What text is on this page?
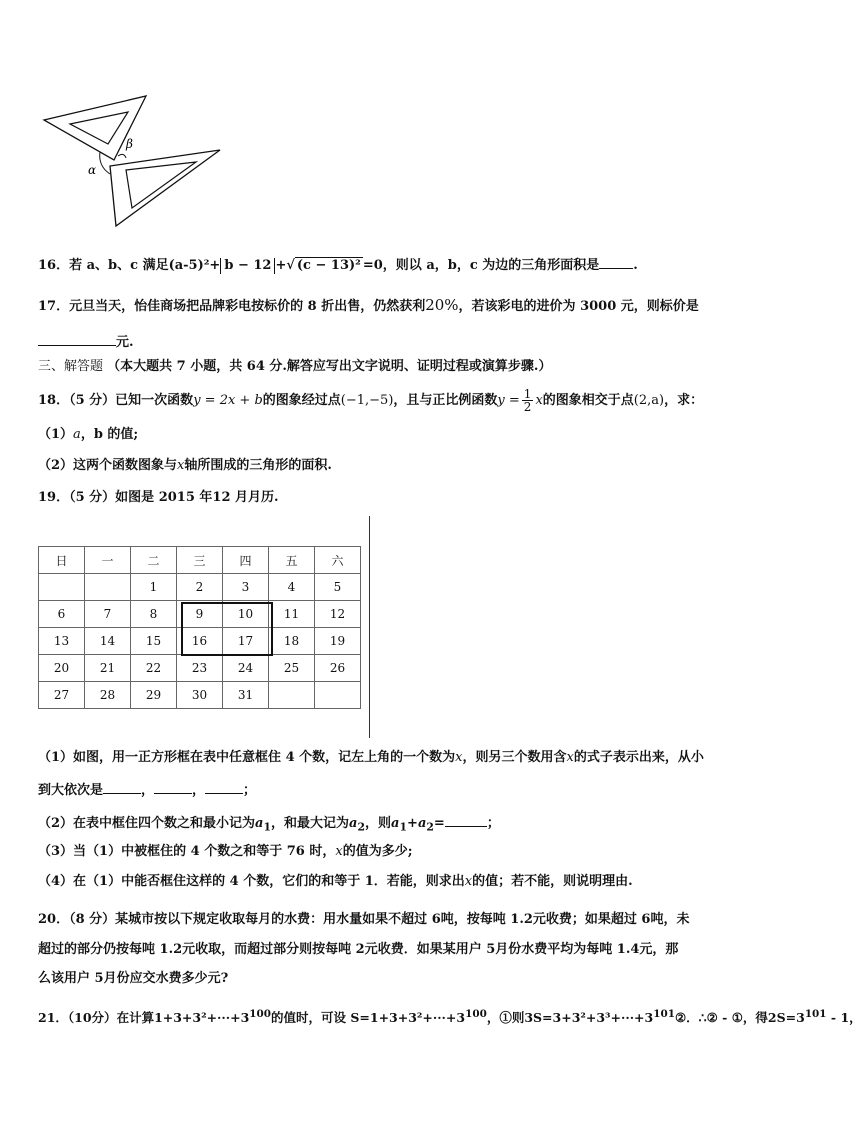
α
β
16．若 a、b、c 满足(a-5)²+ b − 12 +√ (c − 13)² =0，则以 a，b，c 为边的三角形面积是	.
17．元旦当天，怡佳商场把品牌彩电按标价的 8 折出售，仍然获利20%，若该彩电的进价为 3000 元，则标价是
元.
三、解答题 （本大题共 7 小题，共 64 分.解答应写出文字说明、证明过程或演算步骤.）
18．（5 分）已知一次函数y = 2x + b的图象经过点(−1,−5)，且与正比例函数$y = \frac{1}{2}$ x的图象相交于点(2,a)，求：
（1）a，b 的值;
（2）这两个函数图象与x轴所围成的三角形的面积.
19．（5 分）如图是 2015 年12 月月历.
日	一	二	三	四	五	六
		1	2	3	4	5
6	7	8	9	10	11	12
13	14	15	16	17	18	19
20	21	22	23	24	25	26
27	28	29	30	31		
（1）如图，用一正方形框在表中任意框住 4 个数，记左上角的一个数为x，则另三个数用含x的式子表示出来，从小
到大依次是	，	，	；
（2）在表中框住四个数之和最小记为$a_1$，和最大记为$a_2$，则$a_1+a_2=$	；
（3）当（1）中被框住的 4 个数之和等于 76 时，x的值为多少;
（4）在（1）中能否框住这样的 4 个数，它们的和等于 1．若能，则求出x的值；若不能，则说明理由.
20．（8 分）某城市按以下规定收取每月的水费：用水量如果不超过 6吨，按每吨 1.2元收费；如果超过 6吨，未
超过的部分仍按每吨 1.2元收取，而超过部分则按每吨 2元收费．如果某用户 5月份水费平均为每吨 1.4元，那
么该用户 5月份应交水费多少元?
21．（10分）在计算$1+3+3^2+\cdot\cdot\cdot+3^{100}$的值时，可设 $S=1+3+3^2+\cdot\cdot\cdot+3^{100}$，①则$3S=3+3^2+3^3+\cdot\cdot\cdot+3^{101}②$．∴② - ①，得$2S=3^{101} - 1$，
